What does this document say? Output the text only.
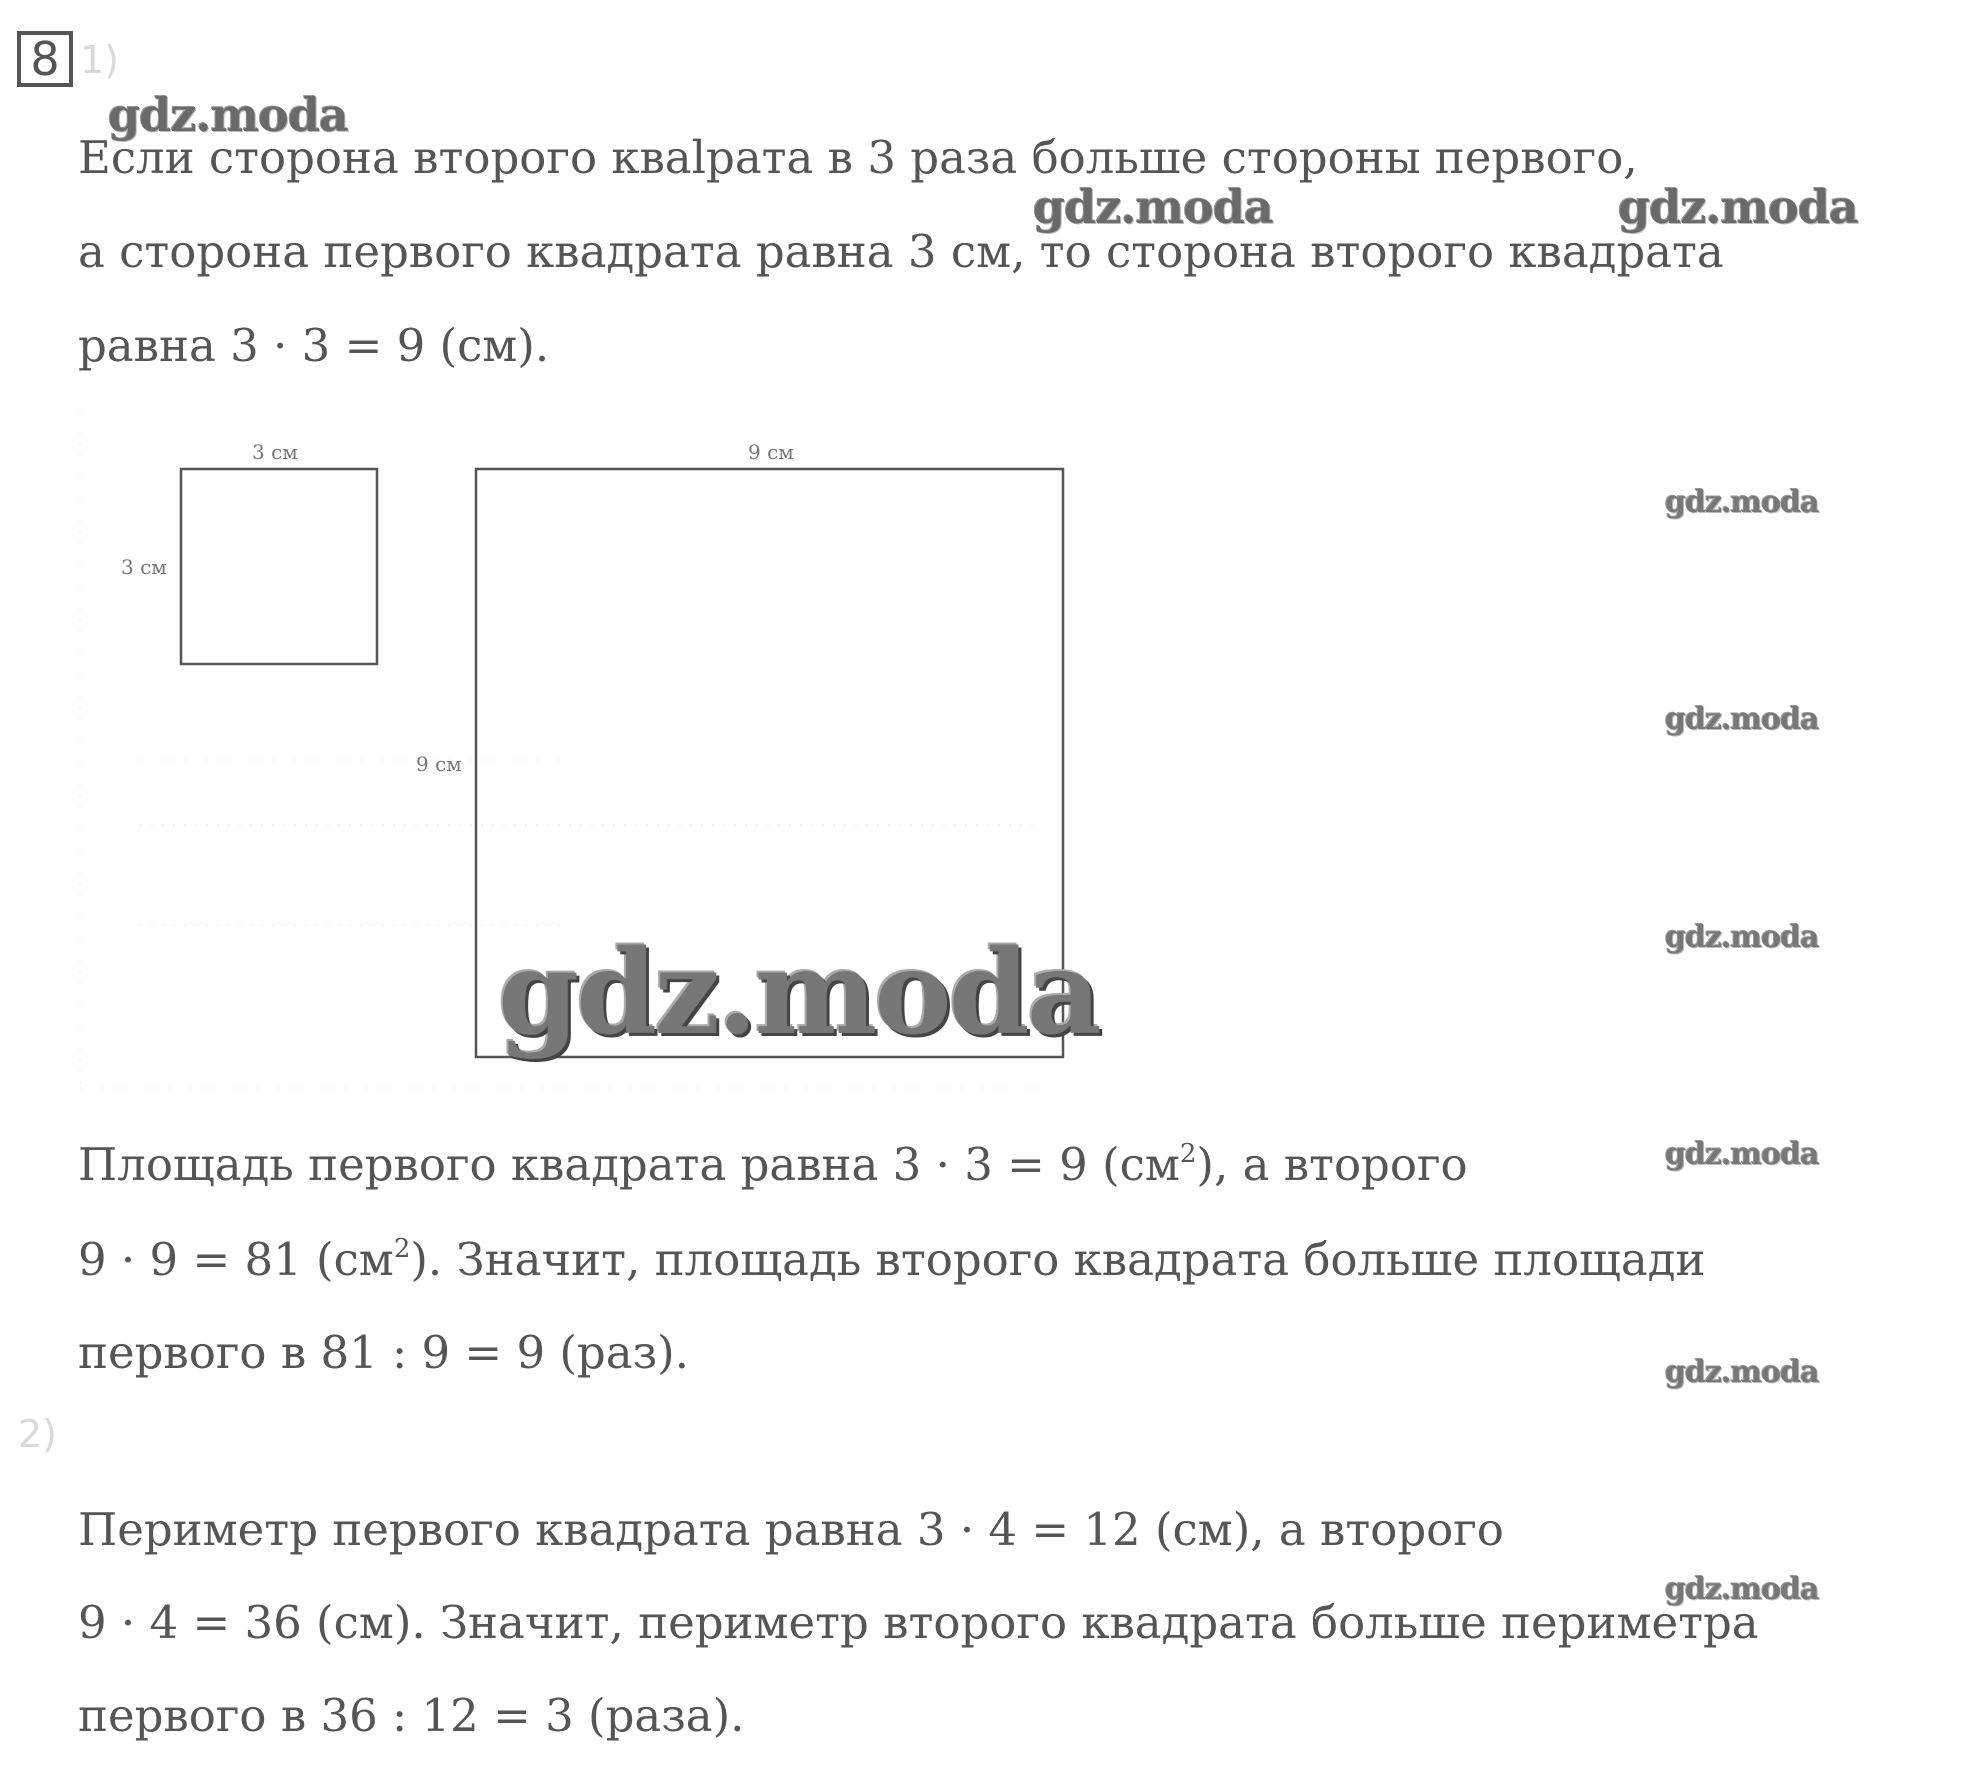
8 1)
2)
Если сторона второго кваlрата в 3 раза больше стороны первого,
а сторона первого квадрата равна 3 см, то сторона второго квадрата
равна 3 · 3 = 9 (см).
3 см
3 см
9 см
9 см
Площадь первого квадрата равна 3 · 3 = 9 $(см^2)$, а второго
9 · 9 = 81 $(см^2)$. Значит, площадь второго квадрата больше площади
первого в 81 : 9 = 9 (раз).
Периметр первого квадрата равна 3 · 4 = 12 (см), а второго
9 · 4 = 36 (см). Значит, периметр второго квадрата больше периметра
первого в 36 : 12 = 3 (раза).
gdz.moda
gdz.moda	gdz.moda
gdz.moda
gdz.moda
gdz.moda
gdz.moda
gdz.moda
gdz.moda
gdz.moda
